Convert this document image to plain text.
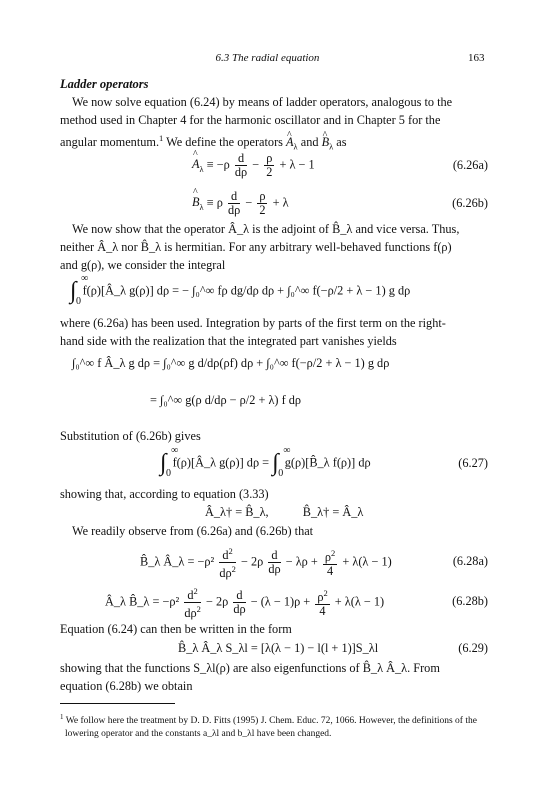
6.3 The radial equation	163
Ladder operators
We now solve equation (6.24) by means of ladder operators, analogous to the
method used in Chapter 4 for the harmonic oscillator and in Chapter 5 for the
angular momentum.$^1$ We define the operators ^ $A_\lambda$ and ^ $B_\lambda$ as
^ $A_\lambda \equiv -\rho \frac{d}{d\rho} - \frac{\rho}{2} + \lambda - 1$	(6.26a)
^ $B_\lambda \equiv \rho \frac{d}{d\rho} - \frac{\rho}{2} + \lambda$	(6.26b)
We now show that the operator Â_λ is the adjoint of B̂_λ and vice versa. Thus,
neither Â_λ nor B̂_λ is hermitian. For any arbitrary well-behaved functions f(ρ)
and g(ρ), we consider the integral
∫ ∞
0
f(ρ)[Â_λ g(ρ)] dρ = − ∫₀^∞ fρ dg/dρ dρ + ∫₀^∞ f(−ρ/2 + λ − 1) g dρ
where (6.26a) has been used. Integration by parts of the first term on the right-
hand side with the realization that the integrated part vanishes yields
∫₀^∞ f Â_λ g dρ = ∫₀^∞ g d/dρ(ρf) dρ + ∫₀^∞ f(−ρ/2 + λ − 1) g dρ
= ∫₀^∞ g(ρ d/dρ − ρ/2 + λ) f dρ
Substitution of (6.26b) gives
∫ ∞
0
f(ρ)[Â_λ g(ρ)] dρ = ∫ ∞
0
g(ρ)[B̂_λ f(ρ)] dρ	(6.27)
showing that, according to equation (3.33)
Â_λ† = B̂_λ,	B̂_λ† = Â_λ
We readily observe from (6.26a) and (6.26b) that
B̂_λ Â_λ = $-\rho^2 \frac{d^2}{d\rho^2} - 2\rho \frac{d}{d\rho} - \lambda\rho + \frac{\rho^2}{4} + \lambda(\lambda - 1)$	(6.28a)
Â_λ B̂_λ = $-\rho^2 \frac{d^2}{d\rho^2} - 2\rho \frac{d}{d\rho} - (\lambda - 1)\rho + \frac{\rho^2}{4} + \lambda(\lambda - 1)$	(6.28b)
Equation (6.24) can then be written in the form
B̂_λ Â_λ S_λl = [λ(λ − 1) − l(l + 1)]S_λl	(6.29)
showing that the functions S_λl(ρ) are also eigenfunctions of B̂_λ Â_λ. From
equation (6.28b) we obtain
$^1$ We follow here the treatment by D. D. Fitts (1995) J. Chem. Educ. 72, 1066. However, the definitions of the
lowering operator and the constants a_λl and b_λl have been changed.
